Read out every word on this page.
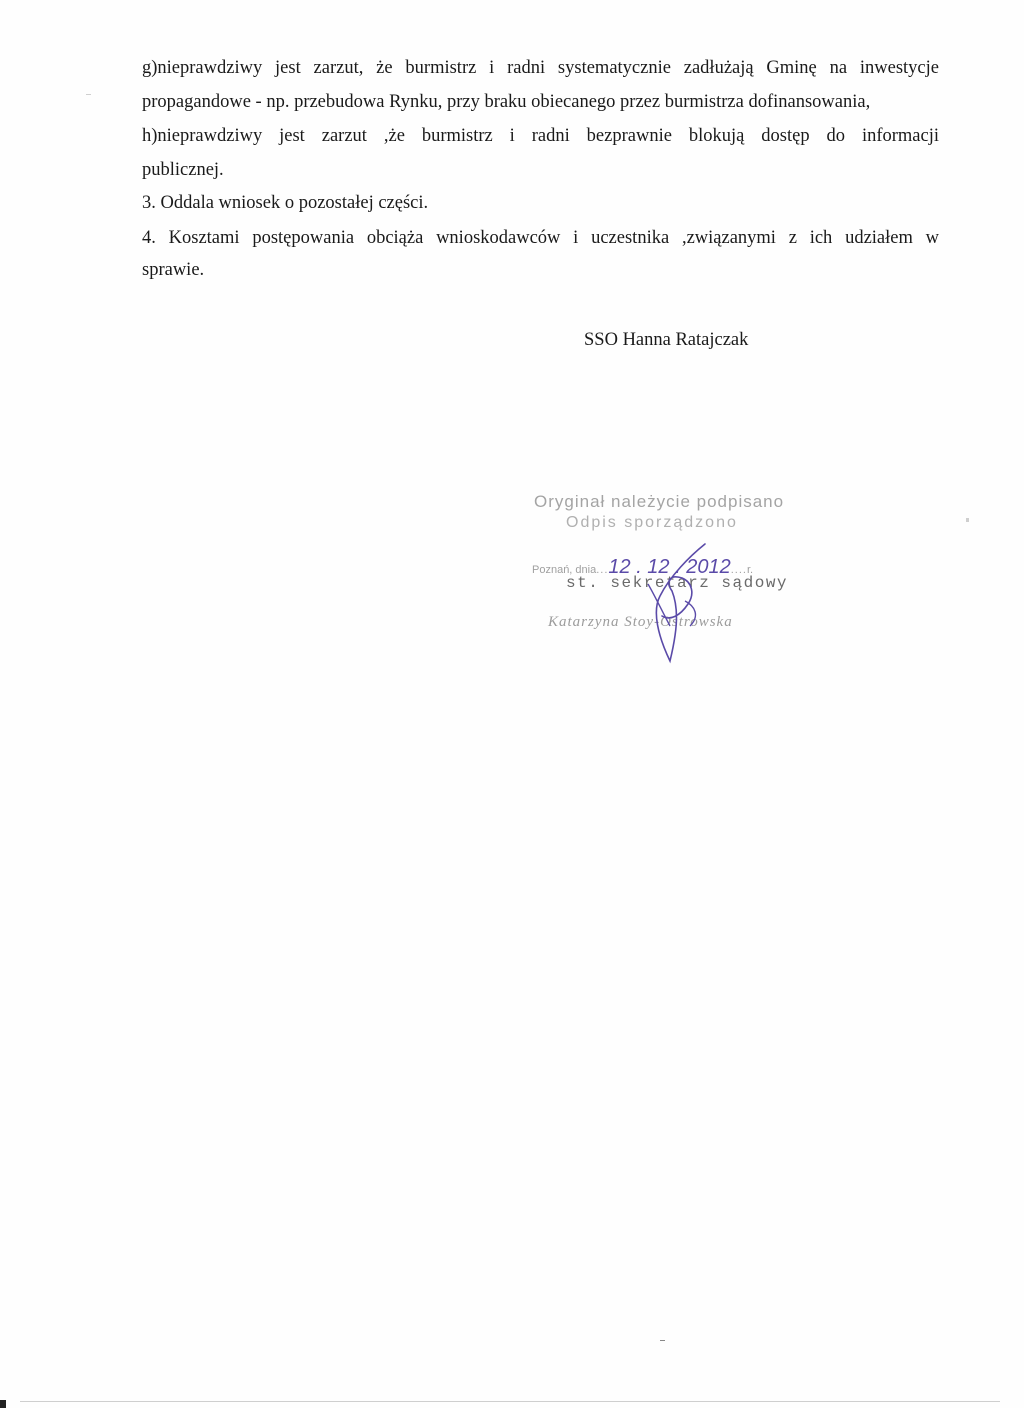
g)nieprawdziwy jest zarzut, że burmistrz i radni systematycznie zadłużają Gminę na inwestycje
propagandowe - np. przebudowa Rynku, przy braku obiecanego przez burmistrza dofinansowania,
h)nieprawdziwy jest zarzut ,że burmistrz i radni bezprawnie blokują dostęp do informacji
publicznej.
3. Oddala wniosek o pozostałej części.
4. Kosztami postępowania obciąża wnioskodawców i uczestnika ,związanymi z ich udziałem w
sprawie.
SSO Hanna Ratajczak
Oryginał należycie podpisano
Odpis sporządzono
Poznań, dnia...12 . 12 . 2012....r.
st. sekretarz sądowy
Katarzyna Stoy-Ostrowska
